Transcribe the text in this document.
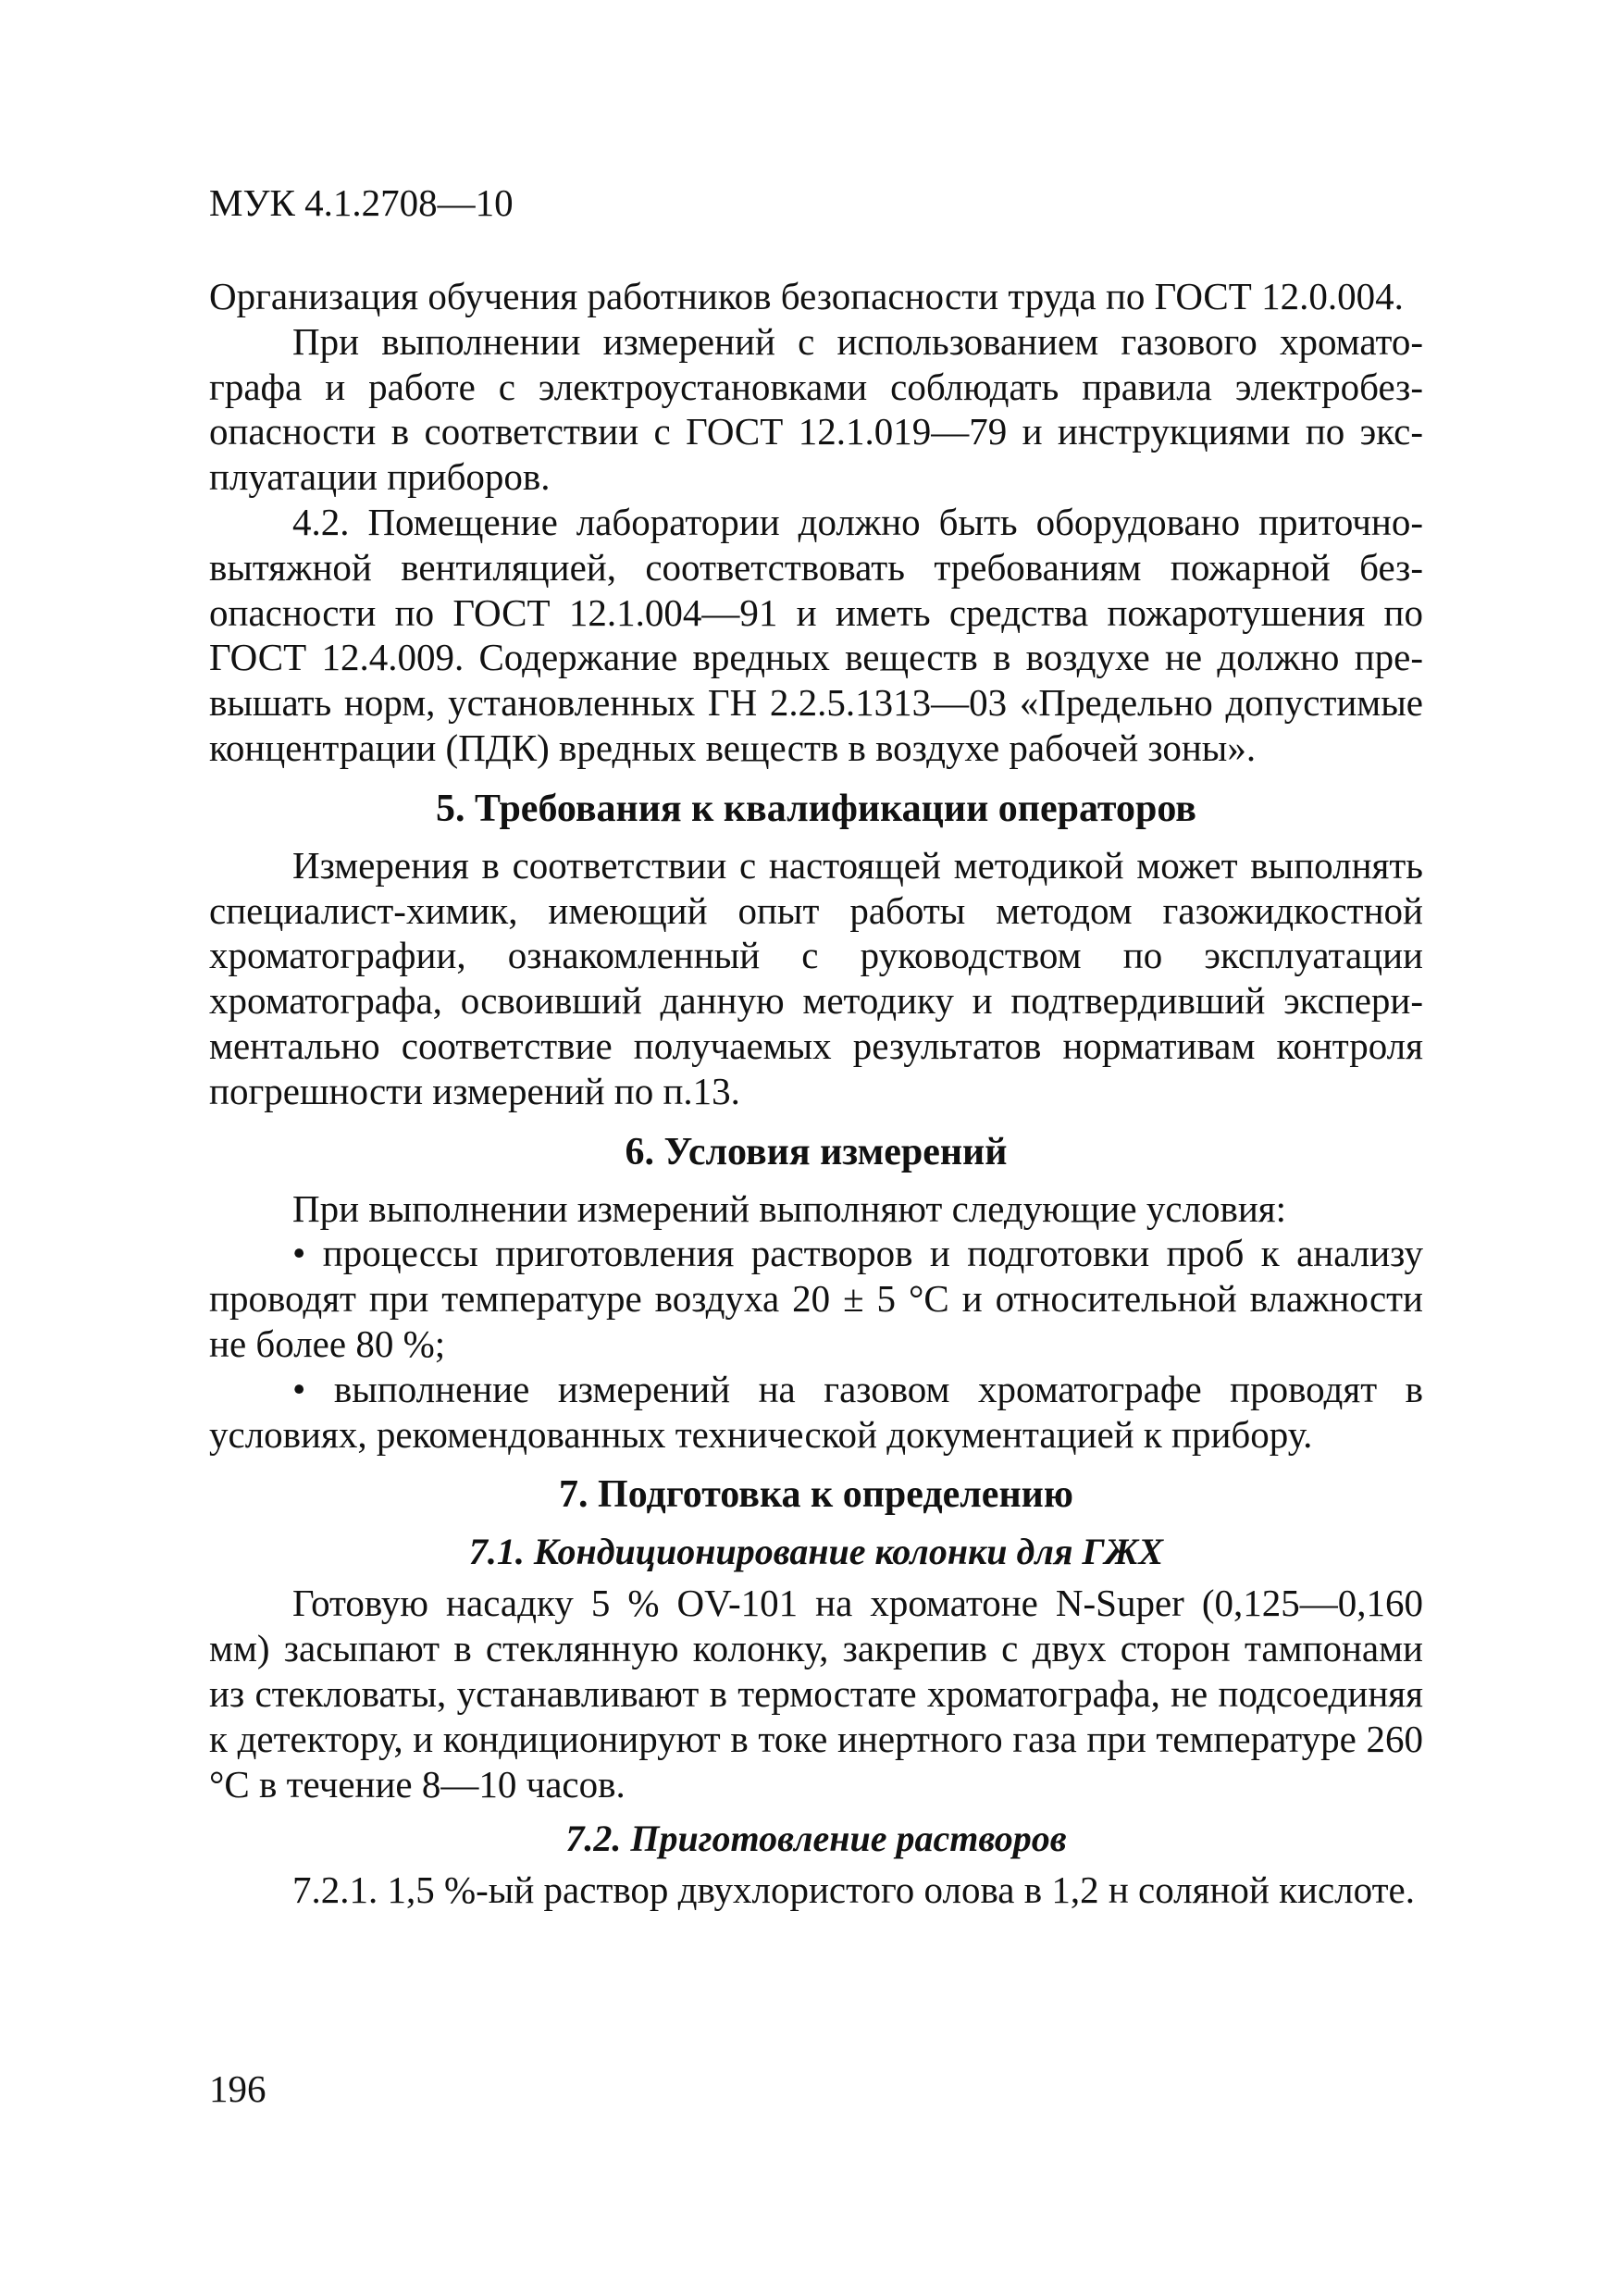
МУК 4.1.2708—10

Организация обучения работников безопасности труда по ГОСТ 12.0.004.

При выполнении измерений с использованием газового хроматографа и работе с электроустановками соблюдать правила электробезопасности в соответствии с ГОСТ 12.1.019—79 и инструкциями по эксплуатации приборов.

4.2. Помещение лаборатории должно быть оборудовано приточно-вытяжной вентиляцией, соответствовать требованиям пожарной безопасности по ГОСТ 12.1.004—91 и иметь средства пожаротушения по ГОСТ 12.4.009. Содержание вредных веществ в воздухе не должно превышать норм, установленных ГН 2.2.5.1313—03 «Предельно допустимые концентрации (ПДК) вредных веществ в воздухе рабочей зоны».

5. Требования к квалификации операторов

Измерения в соответствии с настоящей методикой может выполнять специалист-химик, имеющий опыт работы методом газожидкостной хроматографии, ознакомленный с руководством по эксплуатации хроматографа, освоивший данную методику и подтвердивший экспериментально соответствие получаемых результатов нормативам контроля погрешности измерений по п.13.

6. Условия измерений

При выполнении измерений выполняют следующие условия:

• процессы приготовления растворов и подготовки проб к анализу проводят при температуре воздуха 20 ± 5 °С и относительной влажности не более 80 %;

• выполнение измерений на газовом хроматографе проводят в условиях, рекомендованных технической документацией к прибору.

7. Подготовка к определению
7.1. Кондиционирование колонки для ГЖХ

Готовую насадку 5 % OV-101 на хроматоне N-Super (0,125—0,160 мм) засыпают в стеклянную колонку, закрепив с двух сторон тампонами из стекловаты, устанавливают в термостате хроматографа, не подсоединяя к детектору, и кондиционируют в токе инертного газа при температуре 260 °С в течение 8—10 часов.

7.2. Приготовление растворов

7.2.1. 1,5 %-ый раствор двухлористого олова в 1,2 н соляной кислоте.

196
